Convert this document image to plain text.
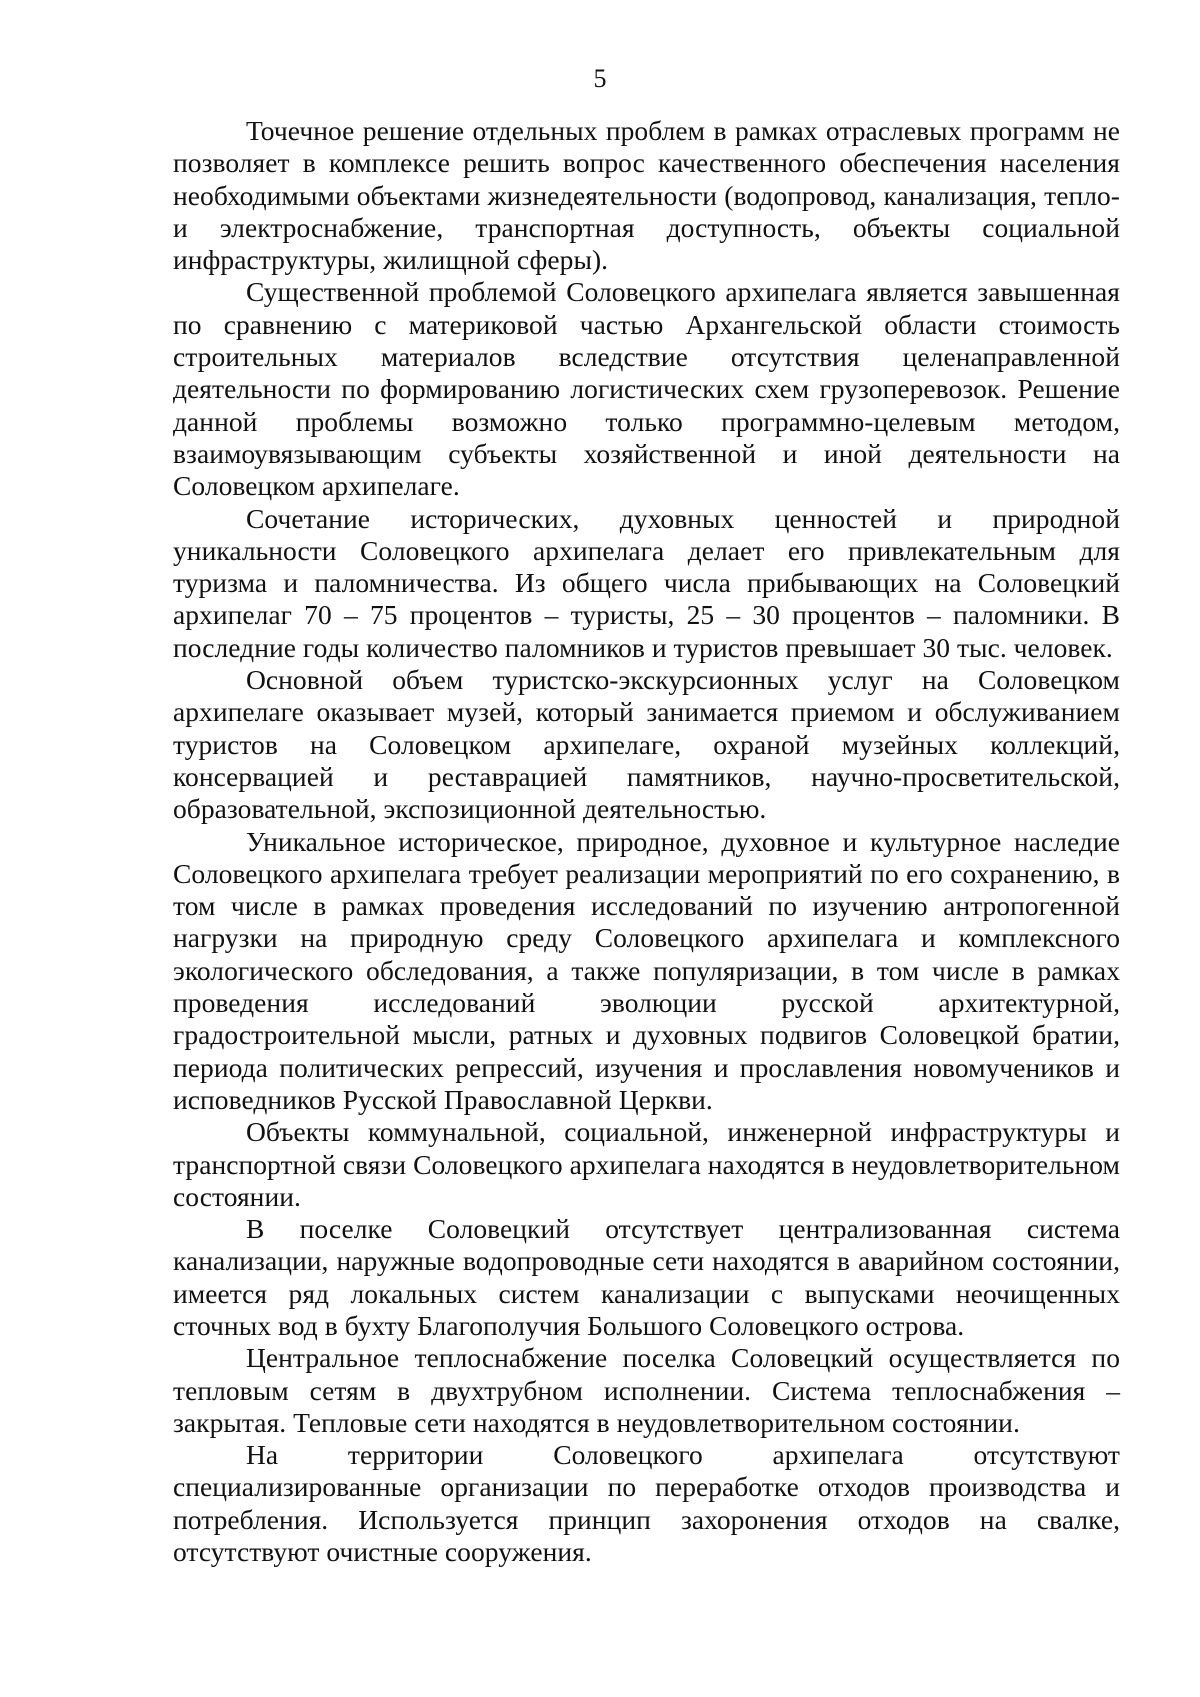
5

Точечное решение отдельных проблем в рамках отраслевых программ не позволяет в комплексе решить вопрос качественного обеспечения населения необходимыми объектами жизнедеятельности (водопровод, канализация, тепло- и электроснабжение, транспортная доступность, объекты социальной инфраструктуры, жилищной сферы).

Существенной проблемой Соловецкого архипелага является завышенная по сравнению с материковой частью Архангельской области стоимость строительных материалов вследствие отсутствия целенаправленной деятельности по формированию логистических схем грузоперевозок. Решение данной проблемы возможно только программно-целевым методом, взаимоувязывающим субъекты хозяйственной и иной деятельности на Соловецком архипелаге.

Сочетание исторических, духовных ценностей и природной уникальности Соловецкого архипелага делает его привлекательным для туризма и паломничества. Из общего числа прибывающих на Соловецкий архипелаг 70 – 75 процентов – туристы, 25 – 30 процентов – паломники. В последние годы количество паломников и туристов превышает 30 тыс. человек.

Основной объем туристско-экскурсионных услуг на Соловецком архипелаге оказывает музей, который занимается приемом и обслуживанием туристов на Соловецком архипелаге, охраной музейных коллекций, консервацией и реставрацией памятников, научно-просветительской, образовательной, экспозиционной деятельностью.

Уникальное историческое, природное, духовное и культурное наследие Соловецкого архипелага требует реализации мероприятий по его сохранению, в том числе в рамках проведения исследований по изучению антропогенной нагрузки на природную среду Соловецкого архипелага и комплексного экологического обследования, а также популяризации, в том числе в рамках проведения исследований эволюции русской архитектурной, градостроительной мысли, ратных и духовных подвигов Соловецкой братии, периода политических репрессий, изучения и прославления новомучеников и исповедников Русской Православной Церкви.

Объекты коммунальной, социальной, инженерной инфраструктуры и транспортной связи Соловецкого архипелага находятся в неудовлетворительном состоянии.

В поселке Соловецкий отсутствует централизованная система канализации, наружные водопроводные сети находятся в аварийном состоянии, имеется ряд локальных систем канализации с выпусками неочищенных сточных вод в бухту Благополучия Большого Соловецкого острова.

Центральное теплоснабжение поселка Соловецкий осуществляется по тепловым сетям в двухтрубном исполнении. Система теплоснабжения – закрытая. Тепловые сети находятся в неудовлетворительном состоянии.

На территории Соловецкого архипелага отсутствуют специализированные организации по переработке отходов производства и потребления. Используется принцип захоронения отходов на свалке, отсутствуют очистные сооружения.
